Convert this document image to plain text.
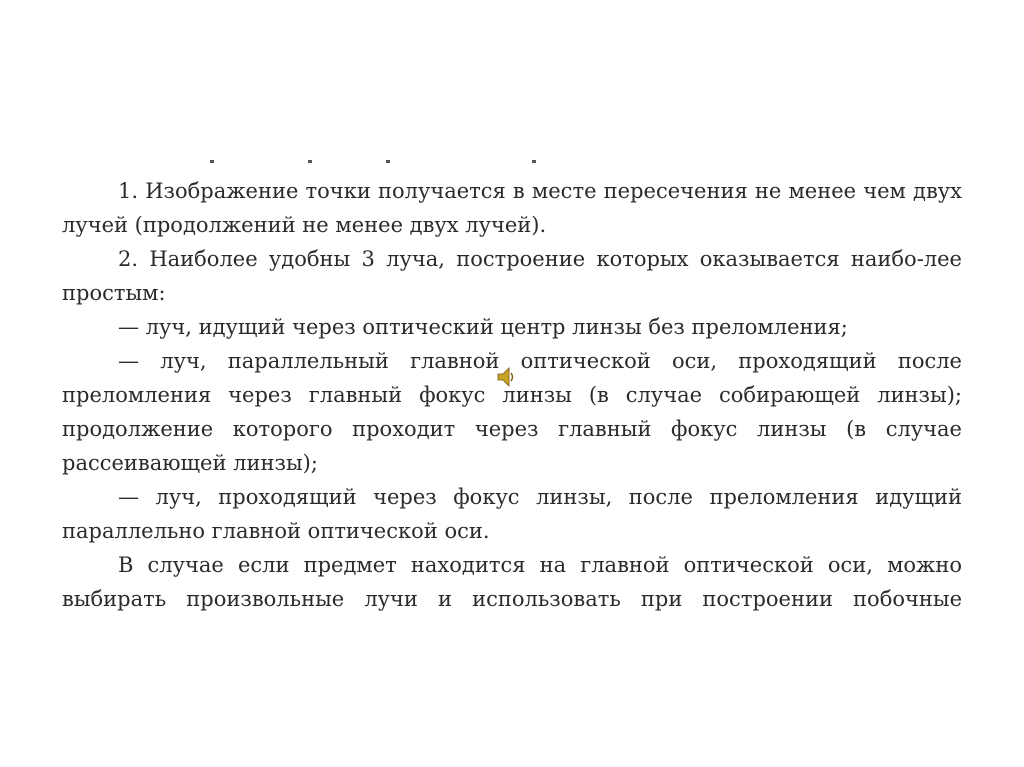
1. Изображение точки получается в месте пересечения не менее чем двух лучей (продолжений не менее двух лучей).

2. Наиболее удобны 3 луча, построение которых оказывается наибо-лее простым:

— луч, идущий через оптический центр линзы без преломления;

— луч, параллельный главной оптической оси, проходящий после преломления через главный фокус линзы (в случае собирающей линзы); продолжение которого проходит через главный фокус линзы (в случае рассеивающей линзы);

— луч, проходящий через фокус линзы, после преломления идущий параллельно главной оптической оси.

В случае если предмет находится на главной оптической оси, можно выбирать произвольные лучи и использовать при построении побочные
